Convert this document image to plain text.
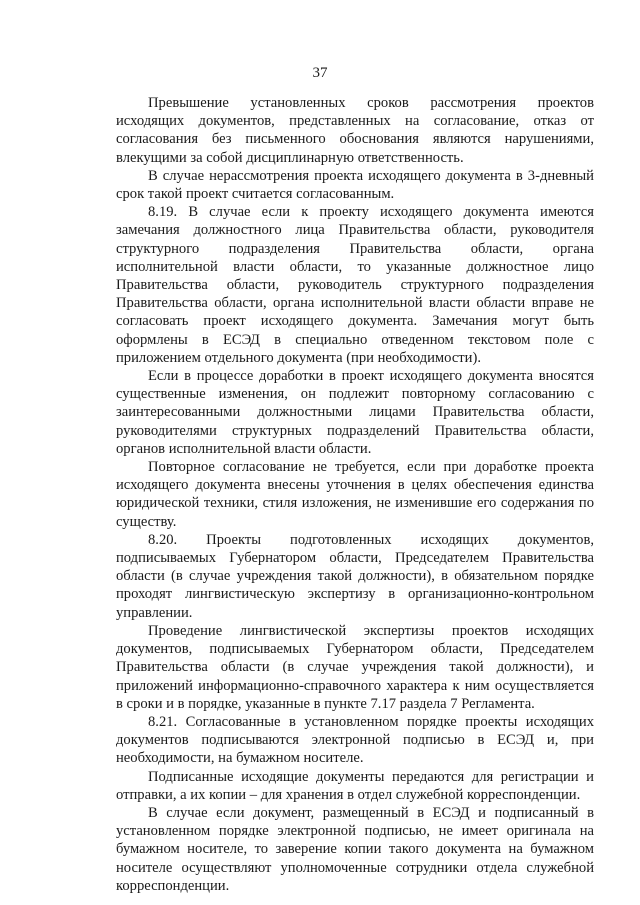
37

Превышение установленных сроков рассмотрения проектов исходящих документов, представленных на согласование, отказ от согласования без письменного обоснования являются нарушениями, влекущими за собой дисциплинарную ответственность.

В случае нерассмотрения проекта исходящего документа в 3-дневный срок такой проект считается согласованным.

8.19. В случае если к проекту исходящего документа имеются замечания должностного лица Правительства области, руководителя структурного подразделения Правительства области, органа исполнительной власти области, то указанные должностное лицо Правительства области, руководитель структурного подразделения Правительства области, органа исполнительной власти области вправе не согласовать проект исходящего документа. Замечания могут быть оформлены в ЕСЭД в специально отведенном текстовом поле с приложением отдельного документа (при необходимости).

Если в процессе доработки в проект исходящего документа вносятся существенные изменения, он подлежит повторному согласованию с заинтересованными должностными лицами Правительства области, руководителями структурных подразделений Правительства области, органов исполнительной власти области.

Повторное согласование не требуется, если при доработке проекта исходящего документа внесены уточнения в целях обеспечения единства юридической техники, стиля изложения, не изменившие его содержания по существу.

8.20. Проекты подготовленных исходящих документов, подписываемых Губернатором области, Председателем Правительства области (в случае учреждения такой должности), в обязательном порядке проходят лингвистическую экспертизу в организационно-контрольном управлении.

Проведение лингвистической экспертизы проектов исходящих документов, подписываемых Губернатором области, Председателем Правительства области (в случае учреждения такой должности), и приложений информационно-справочного характера к ним осуществляется в сроки и в порядке, указанные в пункте 7.17 раздела 7 Регламента.

8.21. Согласованные в установленном порядке проекты исходящих документов подписываются электронной подписью в ЕСЭД и, при необходимости, на бумажном носителе.

Подписанные исходящие документы передаются для регистрации и отправки, а их копии – для хранения в отдел служебной корреспонденции.

В случае если документ, размещенный в ЕСЭД и подписанный в установленном порядке электронной подписью, не имеет оригинала на бумажном носителе, то заверение копии такого документа на бумажном носителе осуществляют уполномоченные сотрудники отдела служебной корреспонденции.
